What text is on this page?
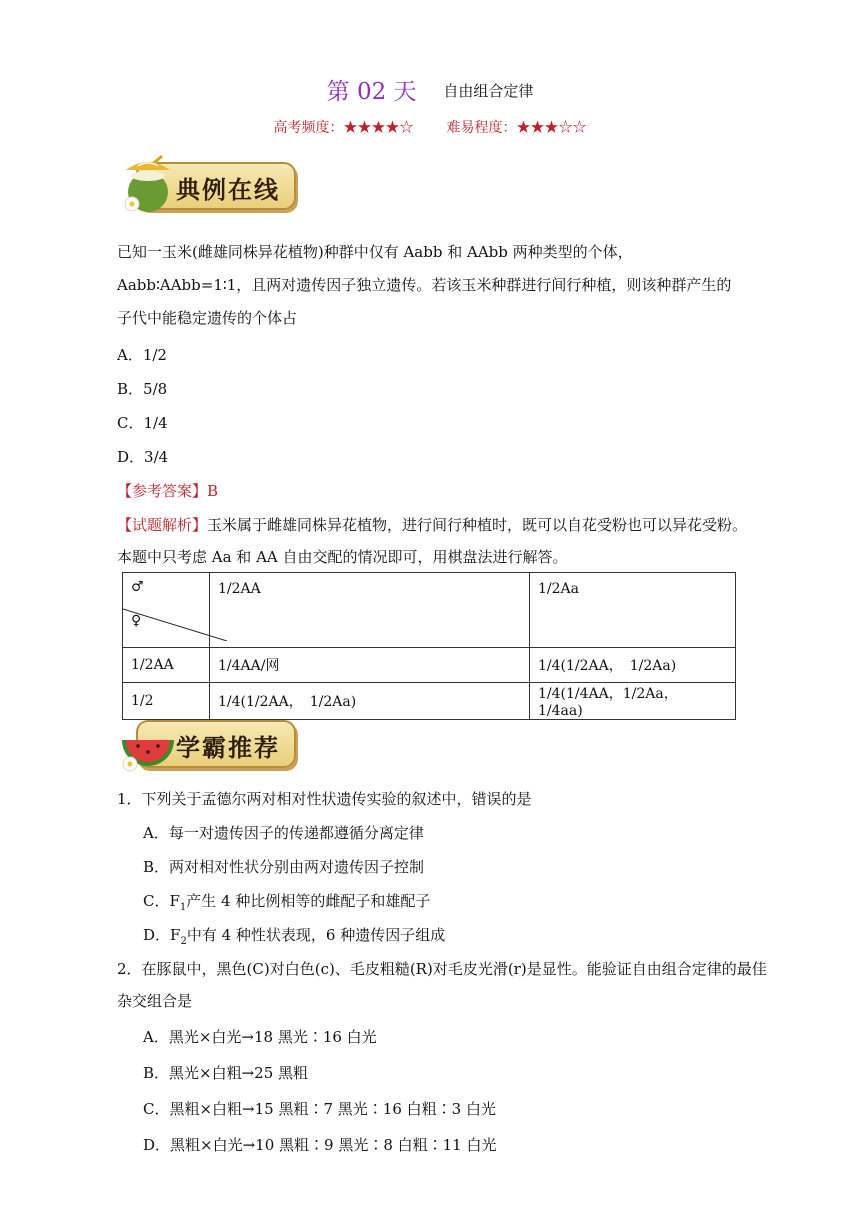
第 02 天 自由组合定律
高考频度：★★★★☆ 难易程度：★★★☆☆
典例在线
已知一玉米(雌雄同株异花植物)种群中仅有 Aabb 和 AAbb 两种类型的个体，Aabb∶AAbb=1∶1，且两对遗传因子独立遗传。若该玉米种群进行间行种植，则该种群产生的子代中能稳定遗传的个体占
A．1/2
B．5/8
C．1/4
D．3/4
【参考答案】B
【试题解析】玉米属于雌雄同株异花植物，进行间行种植时，既可以自花受粉也可以异花受粉。
本题中只考虑 Aa 和 AA 自由交配的情况即可，用棋盘法进行解答。
♂
♀	1/2AA	1/2Aa
1/2AA	1/4AA/网	1/4(1/2AA，　1/2Aa)
1/2	1/4(1/2AA，　1/2Aa)	1/4(1/4AA，1/2Aa，　1/4aa)
学霸推荐
1．下列关于孟德尔两对相对性状遗传实验的叙述中，错误的是
A．每一对遗传因子的传递都遵循分离定律
B．两对相对性状分别由两对遗传因子控制
C．$F_1$产生 4 种比例相等的雌配子和雄配子
D．$F_2$中有 4 种性状表现，6 种遗传因子组成
2．在豚鼠中，黑色(C)对白色(c)、毛皮粗糙(R)对毛皮光滑(r)是显性。能验证自由组合定律的最佳
杂交组合是
A．黑光×白光→18 黑光∶16 白光
B．黑光×白粗→25 黑粗
C．黑粗×白粗→15 黑粗∶7 黑光∶16 白粗∶3 白光
D．黑粗×白光→10 黑粗∶9 黑光∶8 白粗∶11 白光
